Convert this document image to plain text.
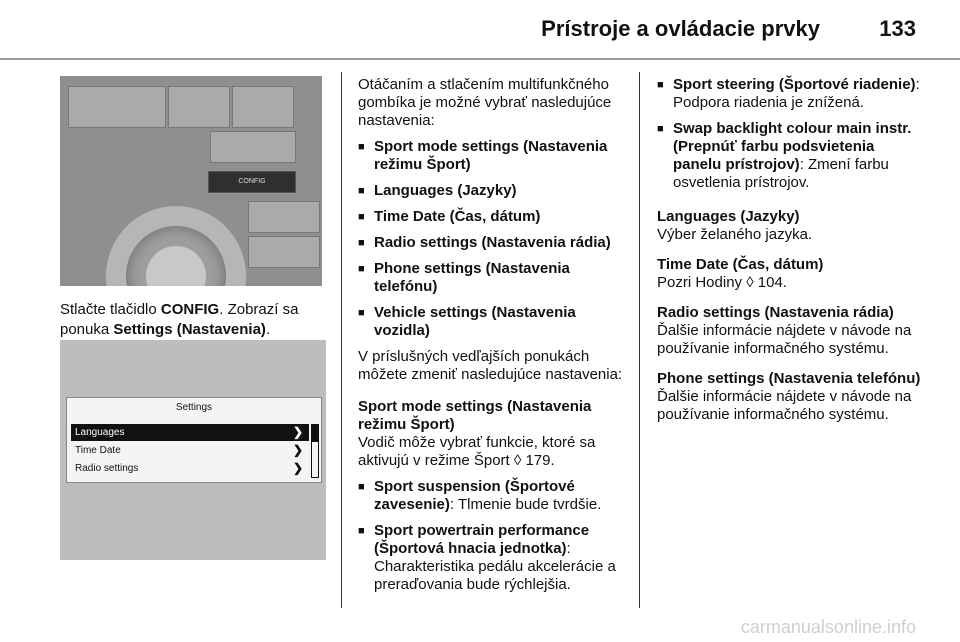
Prístroje a ovládacie prvky	133
CONFIG
Stlačte tlačidlo CONFIG. Zobrazí sa ponuka Settings (Nastavenia).
Settings
Languages	❯
Time Date	❯
Radio settings	❯

Otáčaním a stlačením multifunkčného gombíka je možné vybrať nasledujúce nastavenia:

■ Sport mode settings (Nastavenia režimu Šport)
■ Languages (Jazyky)
■ Time Date (Čas, dátum)
■ Radio settings (Nastavenia rádia)
■ Phone settings (Nastavenia telefónu)
■ Vehicle settings (Nastavenia vozidla)

V príslušných vedľajších ponukách môžete zmeniť nasledujúce nastavenia:

Sport mode settings (Nastavenia režimu Šport)

Vodič môže vybrať funkcie, ktoré sa aktivujú v režime Šport ◊ 179.

■ Sport suspension (Športové zavesenie): Tlmenie bude tvrdšie.
■ Sport powertrain performance (Športová hnacia jednotka): Charakteristika pedálu akcelerácie a preraďovania bude rýchlejšia.
■ Sport steering (Športové riadenie): Podpora riadenia je znížená.
■ Swap backlight colour main instr. (Prepnúť farbu podsvietenia panelu prístrojov): Zmení farbu osvetlenia prístrojov.
Languages (Jazyky)
Výber želaného jazyka.
Time Date (Čas, dátum)
Pozri Hodiny ◊ 104.
Radio settings (Nastavenia rádia)
Ďalšie informácie nájdete v návode na používanie informačného systému.
Phone settings (Nastavenia telefónu)
Ďalšie informácie nájdete v návode na používanie informačného systému.
carmanualsonline.info
